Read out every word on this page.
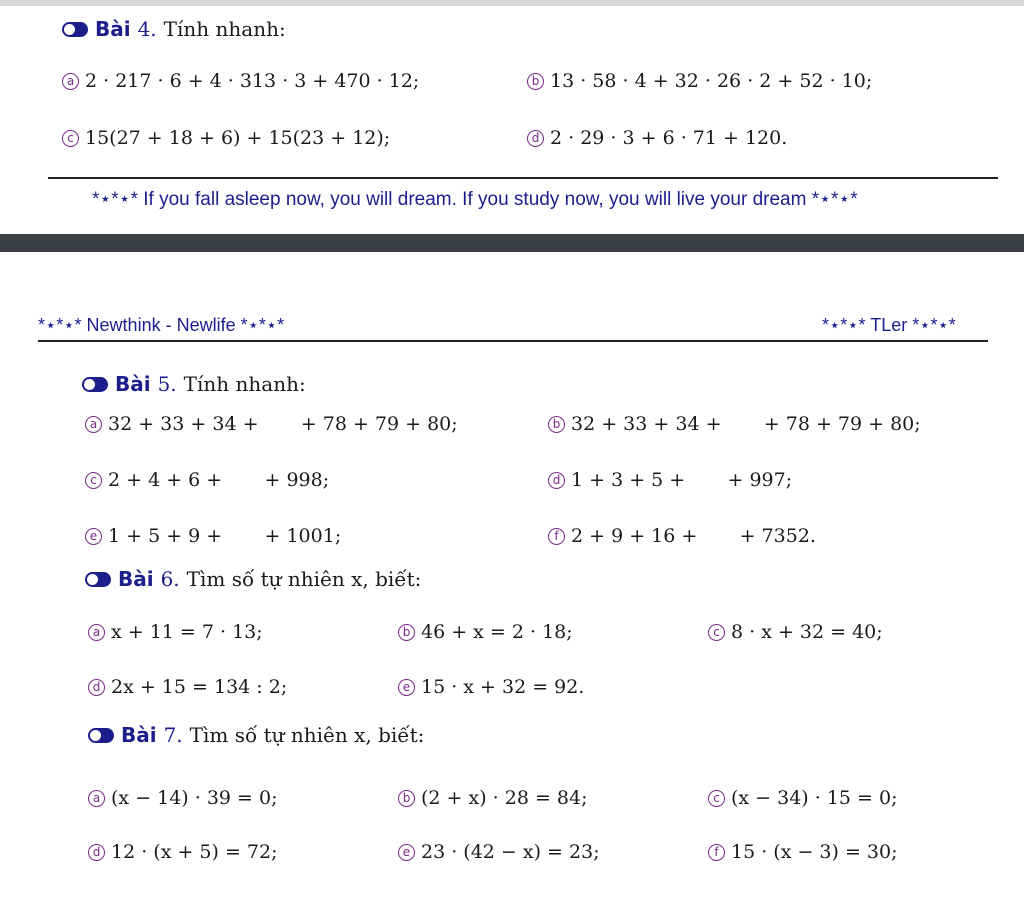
Bài 4. Tính nhanh:
a 2 · 217 · 6 + 4 · 313 · 3 + 470 · 12;	b 13 · 58 · 4 + 32 · 26 · 2 + 52 · 10;
c 15(27 + 18 + 6) + 15(23 + 12);	d 2 · 29 · 3 + 6 · 71 + 120.
*⋆*⋆* If you fall asleep now, you will dream. If you study now, you will live your dream *⋆*⋆*
*⋆*⋆* Newthink - Newlife *⋆*⋆*	*⋆*⋆* TLer *⋆*⋆*
Bài 5. Tính nhanh:
a 32 + 33 + 34 +       + 78 + 79 + 80;	b 32 + 33 + 34 +       + 78 + 79 + 80;
c 2 + 4 + 6 +       + 998;	d 1 + 3 + 5 +       + 997;
e 1 + 5 + 9 +       + 1001;	f 2 + 9 + 16 +       + 7352.
Bài 6. Tìm số tự nhiên x, biết:
a x + 11 = 7 · 13;	b 46 + x = 2 · 18;	c 8 · x + 32 = 40;
d 2x + 15 = 134 : 2;	e 15 · x + 32 = 92.
Bài 7. Tìm số tự nhiên x, biết:
a (x − 14) · 39 = 0;	b (2 + x) · 28 = 84;	c (x − 34) · 15 = 0;
d 12 · (x + 5) = 72;	e 23 · (42 − x) = 23;	f 15 · (x − 3) = 30;
